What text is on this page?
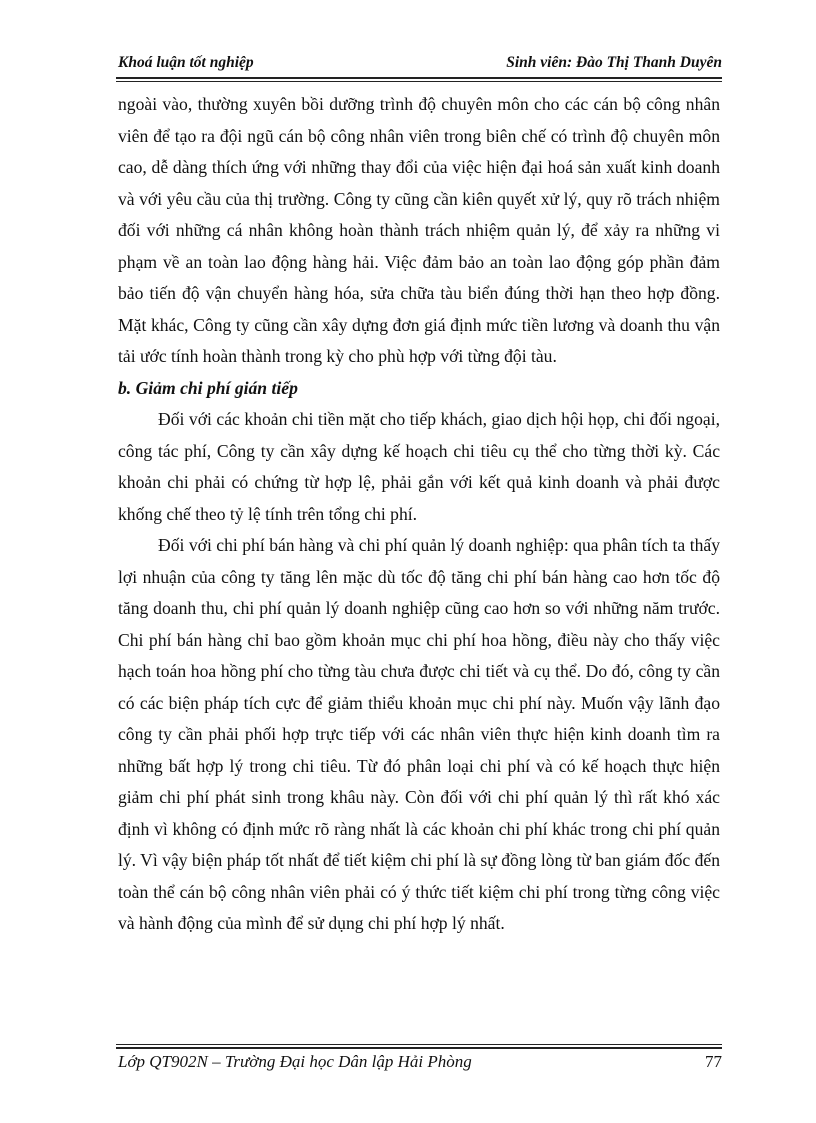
Khoá luận tốt nghiệp	Sinh viên: Đào Thị Thanh Duyên

ngoài vào, thường xuyên bồi dưỡng trình độ chuyên môn cho các cán bộ công nhân viên để tạo ra đội ngũ cán bộ công nhân viên trong biên chế có trình độ chuyên môn cao, dễ dàng thích ứng với những thay đổi của việc hiện đại hoá sản xuất kinh doanh và với yêu cầu của thị trường. Công ty cũng cần kiên quyết xử lý, quy rõ trách nhiệm đối với những cá nhân không hoàn thành trách nhiệm quản lý, để xảy ra những vi phạm về an toàn lao động hàng hải. Việc đảm bảo an toàn lao động góp phần đảm bảo tiến độ vận chuyển hàng hóa, sửa chữa tàu biển đúng thời hạn theo hợp đồng. Mặt khác, Công ty cũng cần xây dựng đơn giá định mức tiền lương và doanh thu vận tải ước tính hoàn thành trong kỳ cho phù hợp với từng đội tàu.

b. Giảm chi phí gián tiếp

Đối với các khoản chi tiền mặt cho tiếp khách, giao dịch hội họp, chi đối ngoại, công tác phí, Công ty cần xây dựng kế hoạch chi tiêu cụ thể cho từng thời kỳ. Các khoản chi phải có chứng từ hợp lệ, phải gắn với kết quả kinh doanh và phải được khống chế theo tỷ lệ tính trên tổng chi phí.

Đối với chi phí bán hàng và chi phí quản lý doanh nghiệp: qua phân tích ta thấy lợi nhuận của công ty tăng lên mặc dù tốc độ tăng chi phí bán hàng cao hơn tốc độ tăng doanh thu, chi phí quản lý doanh nghiệp cũng cao hơn so với những năm trước. Chi phí bán hàng chỉ bao gồm khoản mục chi phí hoa hồng, điều này cho thấy việc hạch toán hoa hồng phí cho từng tàu chưa được chi tiết và cụ thể. Do đó, công ty cần có các biện pháp tích cực để giảm thiểu khoản mục chi phí này. Muốn vậy lãnh đạo công ty cần phải phối hợp trực tiếp với các nhân viên thực hiện kinh doanh tìm ra những bất hợp lý trong chi tiêu. Từ đó phân loại chi phí và có kế hoạch thực hiện giảm chi phí phát sinh trong khâu này. Còn đối với chi phí quản lý thì rất khó xác định vì không có định mức rõ ràng nhất là các khoản chi phí khác trong chi phí quản lý. Vì vậy biện pháp tốt nhất để tiết kiệm chi phí là sự đồng lòng từ ban giám đốc đến toàn thể cán bộ công nhân viên phải có ý thức tiết kiệm chi phí trong từng công việc và hành động của mình để sử dụng chi phí hợp lý nhất.

Lớp QT902N – Trường Đại học Dân lập Hải Phòng	77
